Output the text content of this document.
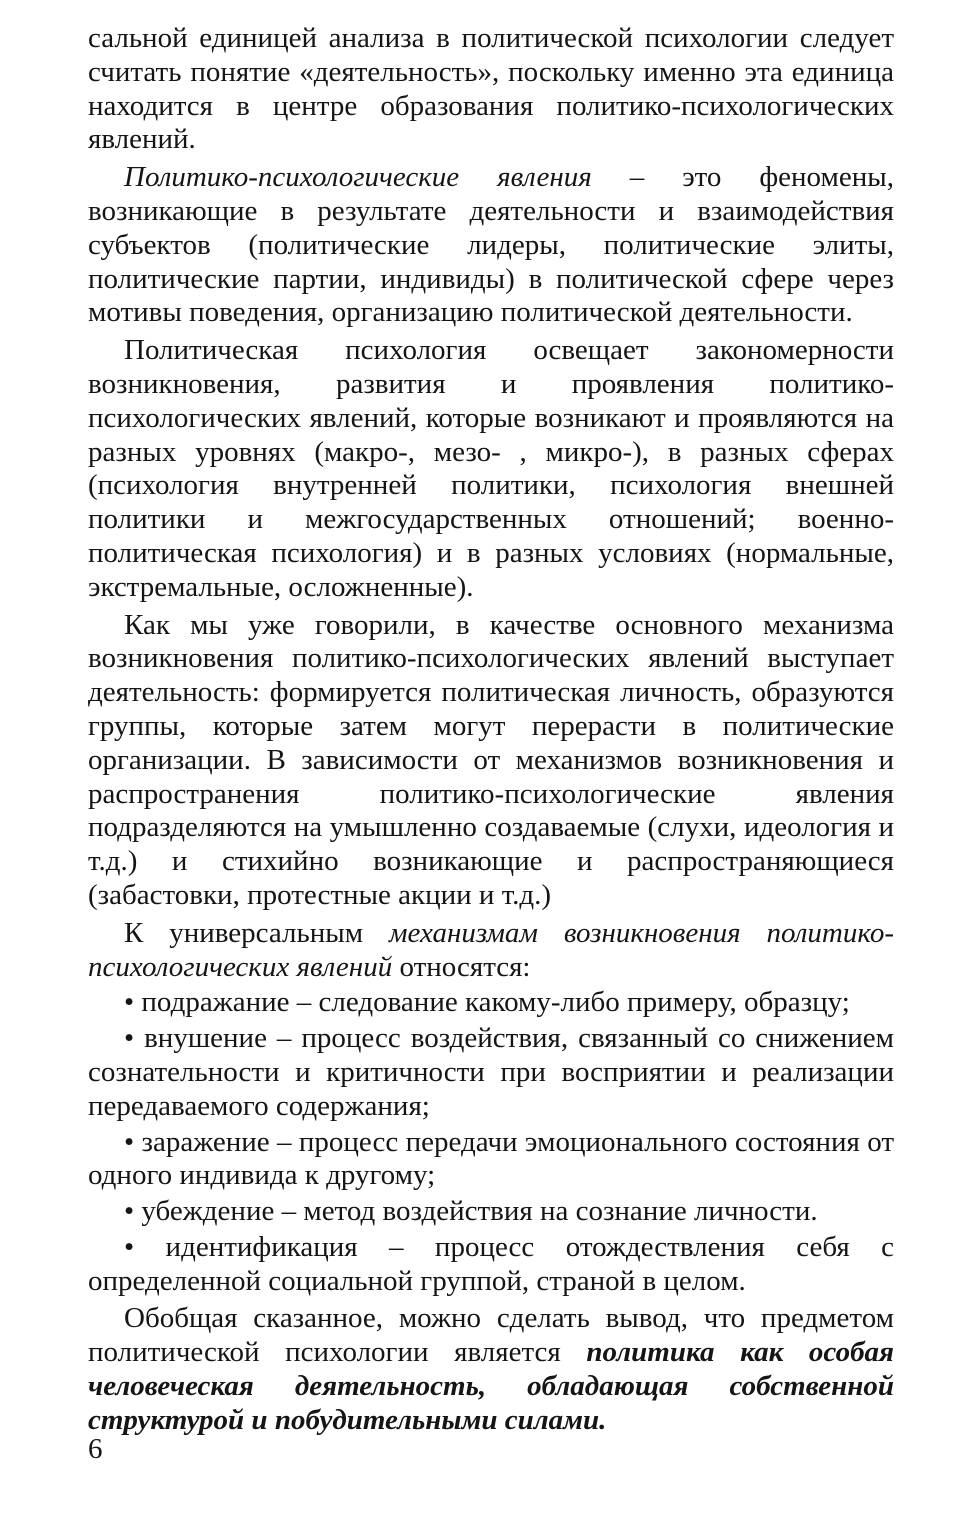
сальной единицей анализа в политической психологии следует считать понятие «деятельность», поскольку именно эта единица находится в центре образования политико-психологических явлений.

Политико-психологические явления – это феномены, возникающие в результате деятельности и взаимодействия субъектов (политические лидеры, политические элиты, политические партии, индивиды) в политической сфере через мотивы поведения, организацию политической деятельности.

Политическая психология освещает закономерности возникновения, развития и проявления политико-психологических явлений, которые возникают и проявляются на разных уровнях (макро-, мезо- , микро-), в разных сферах (психология внутренней политики, психология внешней политики и межгосударственных отношений; военно-политическая психология) и в разных условиях (нормальные, экстремальные, осложненные).

Как мы уже говорили, в качестве основного механизма возникновения политико-психологических явлений выступает деятельность: формируется политическая личность, образуются группы, которые затем могут перерасти в политические организации. В зависимости от механизмов возникновения и распространения политико-психологические явления подразделяются на умышленно создаваемые (слухи, идеология и т.д.) и стихийно возникающие и распространяющиеся (забастовки, протестные акции и т.д.)

К универсальным механизмам возникновения политико-психологических явлений относятся:

• подражание – следование какому-либо примеру, образцу;

• внушение – процесс воздействия, связанный со снижением сознательности и критичности при восприятии и реализации передаваемого содержания;

• заражение – процесс передачи эмоционального состояния от одного индивида к другому;

• убеждение – метод воздействия на сознание личности.

• идентификация – процесс отождествления себя с определенной социальной группой, страной в целом.

Обобщая сказанное, можно сделать вывод, что предметом политической психологии является политика как особая человеческая деятельность, обладающая собственной структурой и побудительными силами.

6
